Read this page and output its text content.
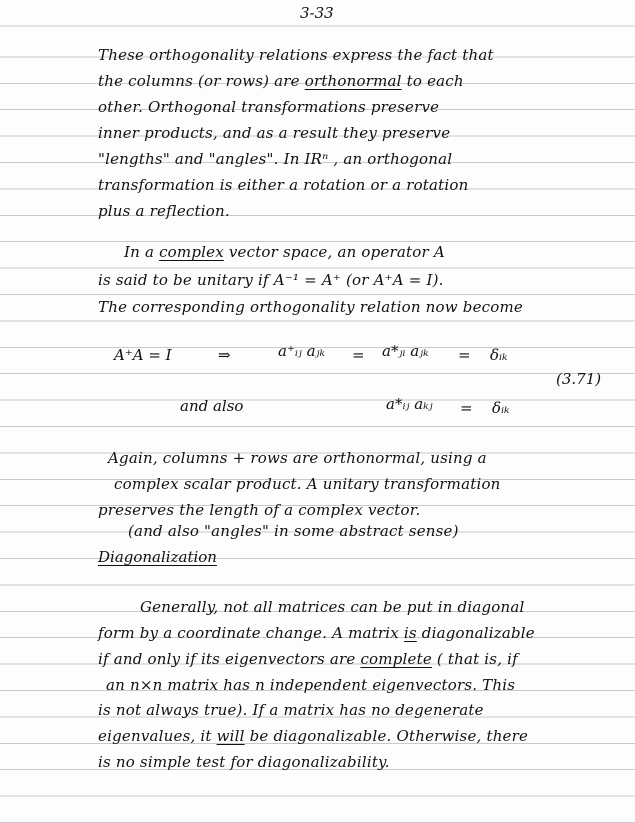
3-33
These orthogonality relations express the fact that
the columns (or rows) are orthonormal to each
other. Orthogonal transformations preserve
inner products, and as a result they preserve
"lengths" and "angles". In IRⁿ , an orthogonal
transformation is either a rotation or a rotation
plus a reflection.
In a complex vector space, an operator A
is said to be unitary if A⁻¹ = A⁺ (or A⁺A = I).
The corresponding orthogonality relation now become
A⁺A = I	⇒	a⁺ᵢⱼ aⱼₖ = a*ⱼᵢ aⱼₖ = δᵢₖ
(3.71)
and also	a*ᵢⱼ aₖⱼ = δᵢₖ
Again, columns + rows are orthonormal, using a
complex scalar product. A unitary transformation
preserves the length of a complex vector.
(and also "angles" in some abstract sense)
Diagonalization
Generally, not all matrices can be put in diagonal
form by a coordinate change. A matrix is diagonalizable
if and only if its eigenvectors are complete ( that is, if
an n×n matrix has n independent eigenvectors. This
is not always true). If a matrix has no degenerate
eigenvalues, it will be diagonalizable. Otherwise, there
is no simple test for diagonalizability.
